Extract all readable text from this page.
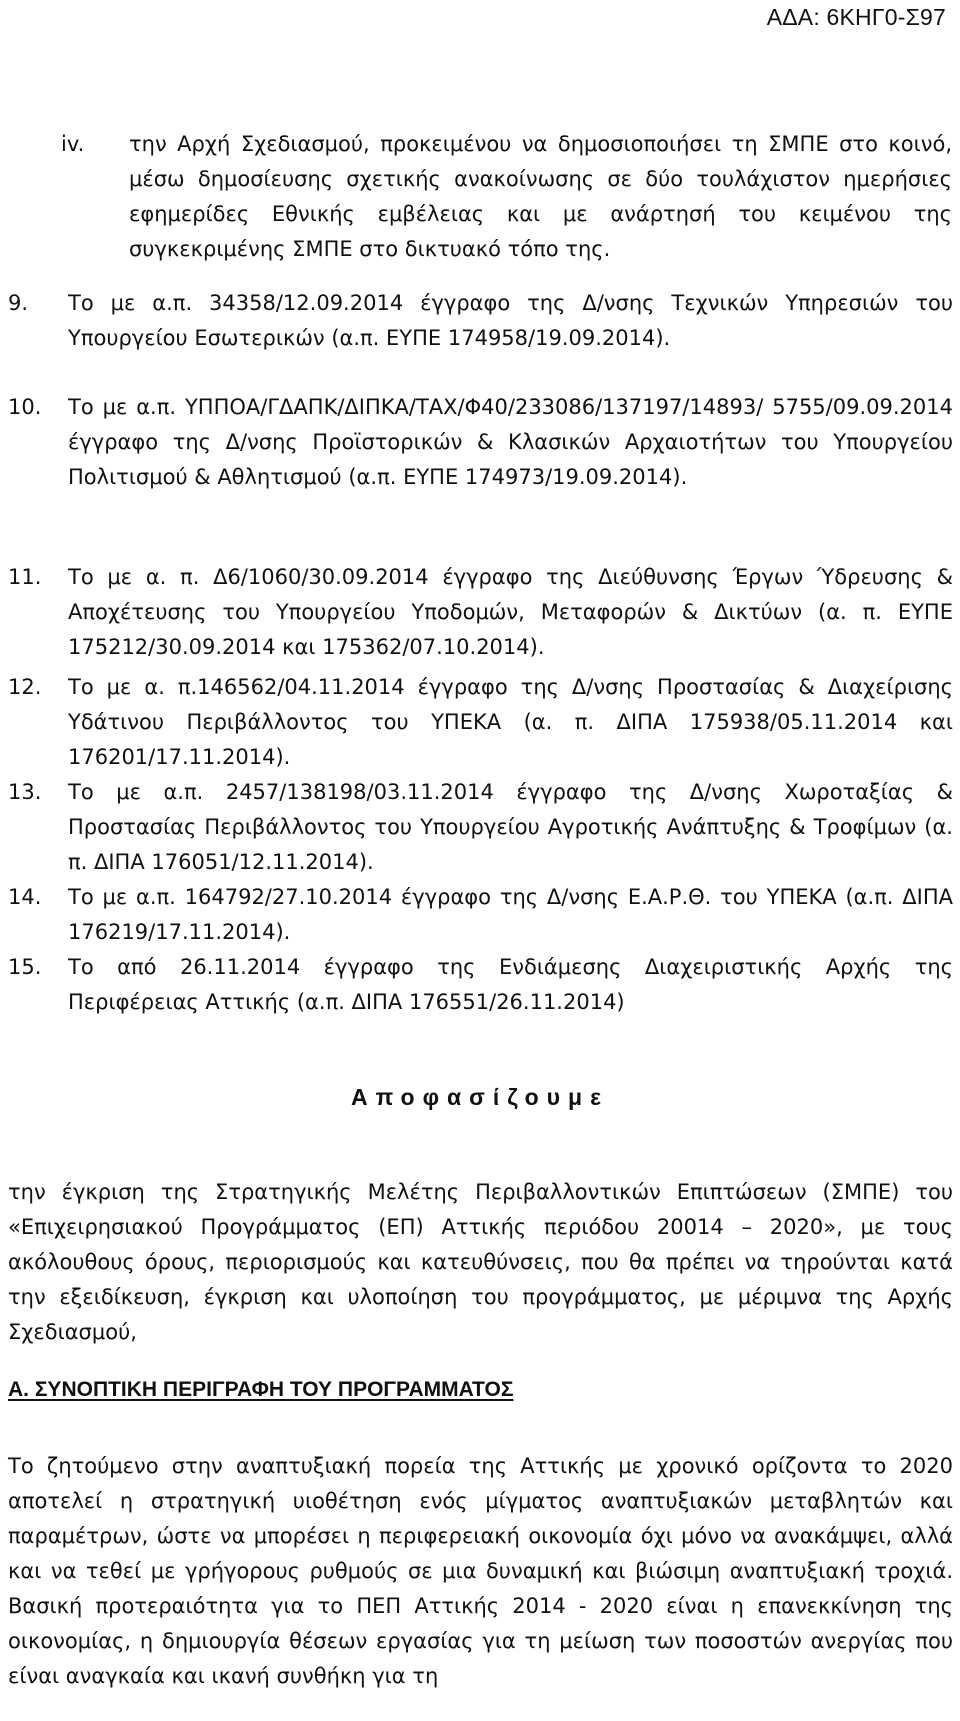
ΑΔΑ: 6ΚΗΓ0-Σ97
iv. την Αρχή Σχεδιασμού, προκειμένου να δημοσιοποιήσει τη ΣΜΠΕ στο κοινό, μέσω δημοσίευσης σχετικής ανακοίνωσης σε δύο τουλάχιστον ημερήσιες εφημερίδες Εθνικής εμβέλειας και με ανάρτησή του κειμένου της συγκεκριμένης ΣΜΠΕ στο δικτυακό τόπο της.

9. Το με α.π. 34358/12.09.2014 έγγραφο της Δ/νσης Τεχνικών Υπηρεσιών του Υπουργείου Εσωτερικών (α.π. ΕΥΠΕ 174958/19.09.2014).

10. Το με α.π. ΥΠΠΟΑ/ΓΔΑΠΚ/ΔΙΠΚΑ/ΤΑΧ/Φ40/233086/137197/14893/ 5755/09.09.2014 έγγραφο της Δ/νσης Προϊστορικών & Κλασικών Αρχαιοτήτων του Υπουργείου Πολιτισμού & Αθλητισμού (α.π. ΕΥΠΕ 174973/19.09.2014).

11. Το με α. π. Δ6/1060/30.09.2014 έγγραφο της Διεύθυνσης Έργων Ύδρευσης & Αποχέτευσης του Υπουργείου Υποδομών, Μεταφορών & Δικτύων (α. π. ΕΥΠΕ 175212/30.09.2014 και 175362/07.10.2014).

12. Το με α. π.146562/04.11.2014 έγγραφο της Δ/νσης Προστασίας & Διαχείρισης Υδάτινου Περιβάλλοντος του ΥΠΕΚΑ (α. π. ΔΙΠΑ 175938/05.11.2014 και 176201/17.11.2014).

13. Το με α.π. 2457/138198/03.11.2014 έγγραφο της Δ/νσης Χωροταξίας & Προστασίας Περιβάλλοντος του Υπουργείου Αγροτικής Ανάπτυξης & Τροφίμων (α. π. ΔΙΠΑ 176051/12.11.2014).

14. Το με α.π. 164792/27.10.2014 έγγραφο της Δ/νσης Ε.Α.Ρ.Θ. του ΥΠΕΚΑ (α.π. ΔΙΠΑ 176219/17.11.2014).

15. Το από 26.11.2014 έγγραφο της Ενδιάμεσης Διαχειριστικής Αρχής της Περιφέρειας Αττικής (α.π. ΔΙΠΑ 176551/26.11.2014)

Αποφασίζουμε

την έγκριση της Στρατηγικής Μελέτης Περιβαλλοντικών Επιπτώσεων (ΣΜΠΕ) του «Επιχειρησιακού Προγράμματος (ΕΠ) Αττικής περιόδου 20014 – 2020», με τους ακόλουθους όρους, περιορισμούς και κατευθύνσεις, που θα πρέπει να τηρούνται κατά την εξειδίκευση, έγκριση και υλοποίηση του προγράμματος, με μέριμνα της Αρχής Σχεδιασμού,

Α. ΣΥΝΟΠΤΙΚΗ ΠΕΡΙΓΡΑΦΗ ΤΟΥ ΠΡΟΓΡΑΜΜΑΤΟΣ

Το ζητούμενο στην αναπτυξιακή πορεία της Αττικής με χρονικό ορίζοντα το 2020 αποτελεί η στρατηγική υιοθέτηση ενός μίγματος αναπτυξιακών μεταβλητών και παραμέτρων, ώστε να μπορέσει η περιφερειακή οικονομία όχι μόνο να ανακάμψει, αλλά και να τεθεί με γρήγορους ρυθμούς σε μια δυναμική και βιώσιμη αναπτυξιακή τροχιά. Βασική προτεραιότητα για το ΠΕΠ Αττικής 2014 - 2020 είναι η επανεκκίνηση της οικονομίας, η δημιουργία θέσεων εργασίας για τη μείωση των ποσοστών ανεργίας που είναι αναγκαία και ικανή συνθήκη για τη
